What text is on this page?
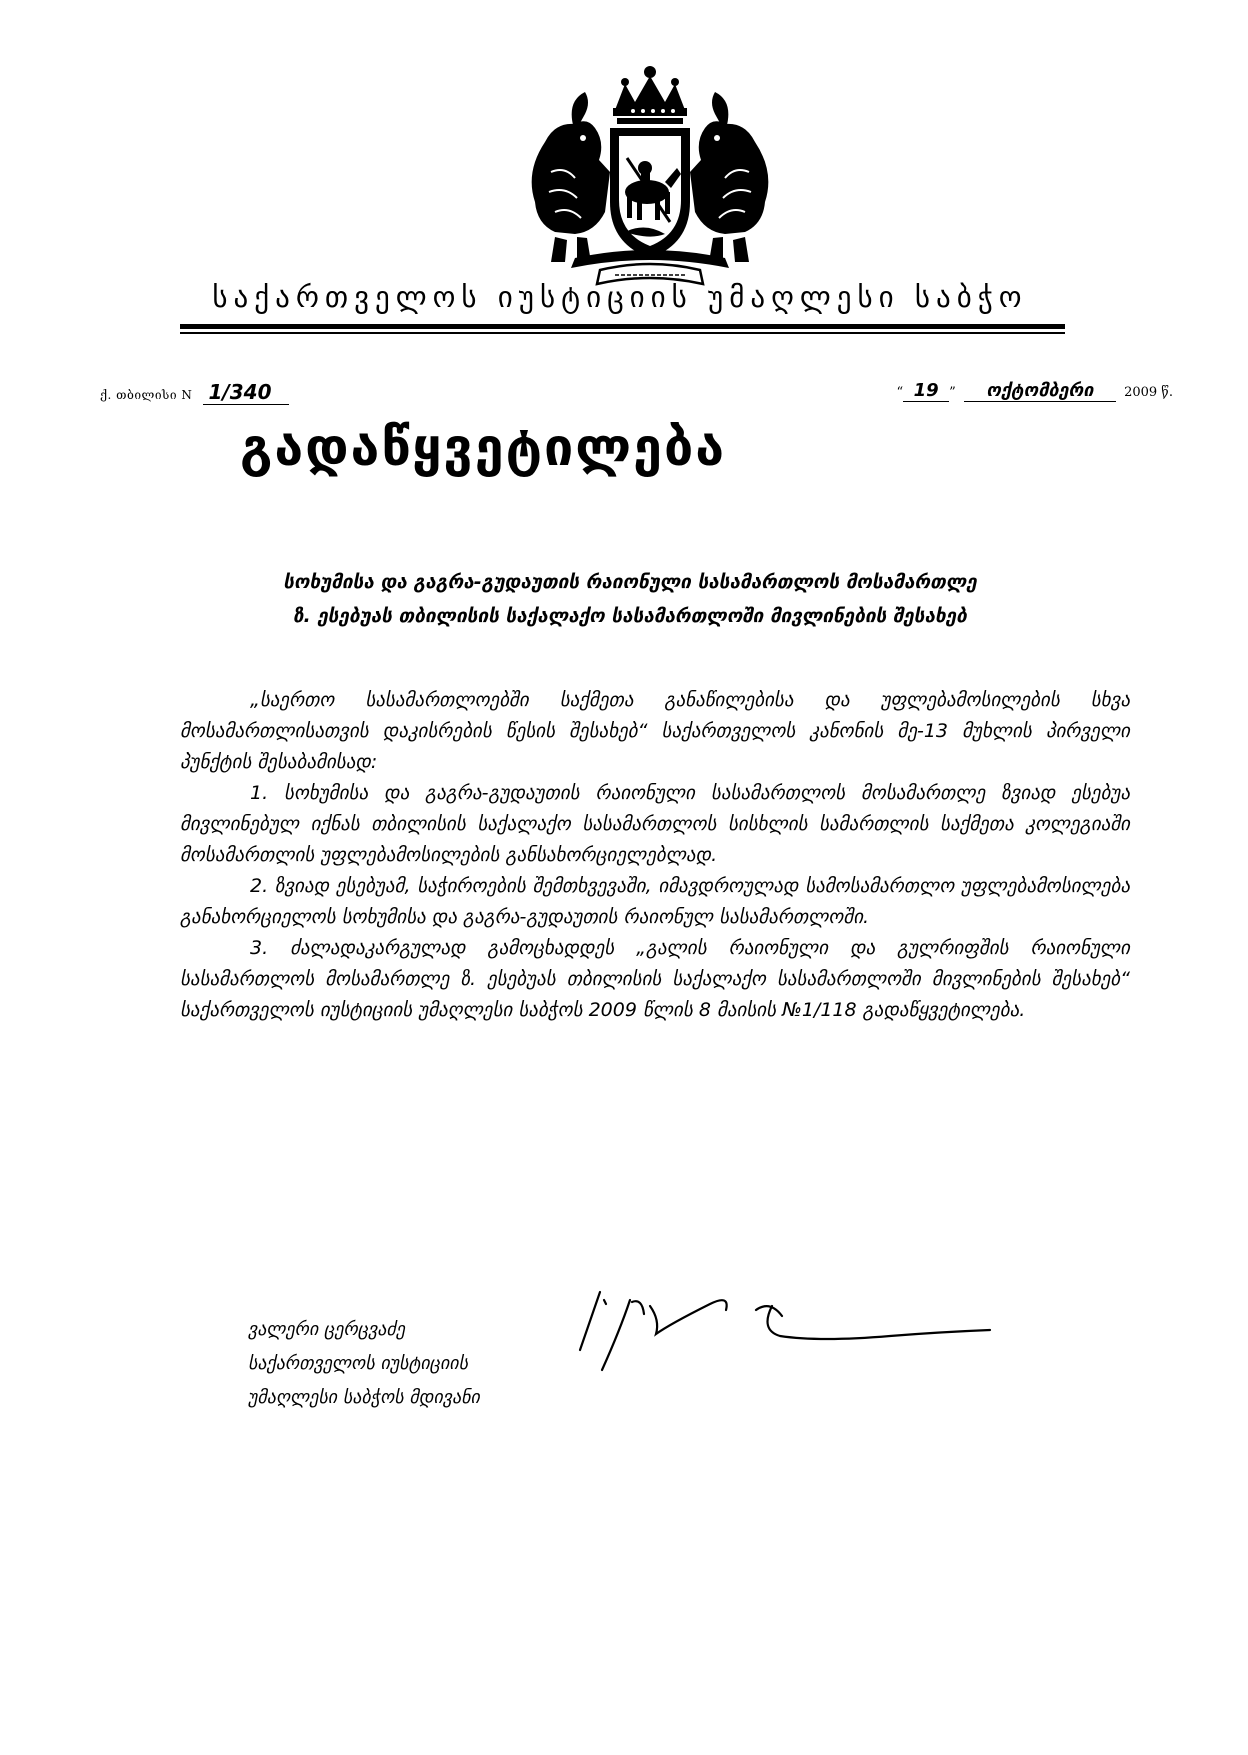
საქართველოს იუსტიციის უმაღლესი საბჭო
ქ. თბილისი N 1/340	“ 19 ” ოქტომბერი 2009 წ.
გადაწყვეტილება
სოხუმისა და გაგრა-გუდაუთის რაიონული სასამართლოს მოსამართლე
ზ. ესებუას თბილისის საქალაქო სასამართლოში მივლინების შესახებ

„საერთო სასამართლოებში საქმეთა განაწილებისა და უფლებამოსილების სხვა მოსამართლისათვის დაკისრების წესის შესახებ“ საქართველოს კანონის მე-13 მუხლის პირველი პუნქტის შესაბამისად:

1. სოხუმისა და გაგრა-გუდაუთის რაიონული სასამართლოს მოსამართლე ზვიად ესებუა მივლინებულ იქნას თბილისის საქალაქო სასამართლოს სისხლის სამართლის საქმეთა კოლეგიაში მოსამართლის უფლებამოსილების განსახორციელებლად.

2. ზვიად ესებუამ, საჭიროების შემთხვევაში, იმავდროულად სამოსამართლო უფლებამოსილება განახორციელოს სოხუმისა და გაგრა-გუდაუთის რაიონულ სასამართლოში.

3. ძალადაკარგულად გამოცხადდეს „გალის რაიონული და გულრიფშის რაიონული სასამართლოს მოსამართლე ზ. ესებუას თბილისის საქალაქო სასამართლოში მივლინების შესახებ“ საქართველოს იუსტიციის უმაღლესი საბჭოს 2009 წლის 8 მაისის №1/118 გადაწყვეტილება.

ვალერი ცერცვაძე
საქართველოს იუსტიციის
უმაღლესი საბჭოს მდივანი
